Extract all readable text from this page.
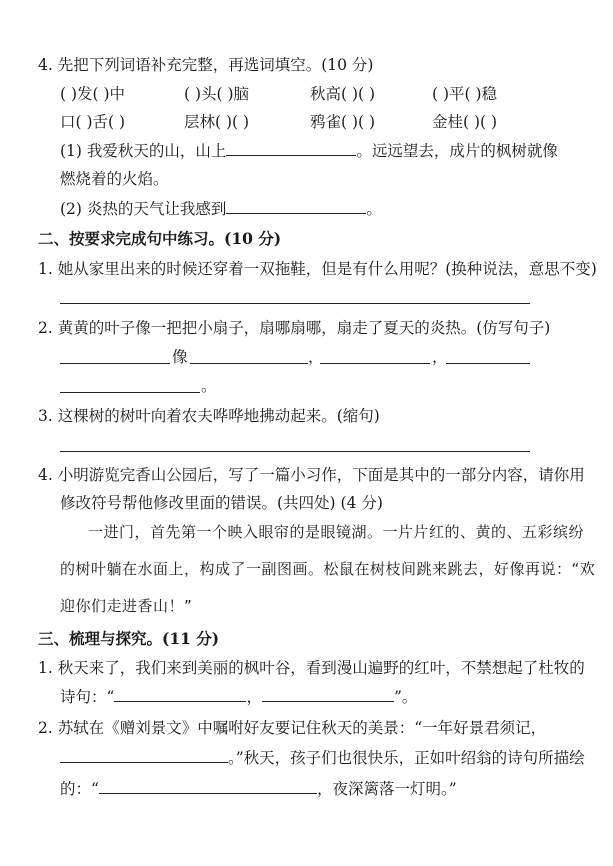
4. 先把下列词语补充完整，再选词填空。(10 分)
( )发( )中	( )头( )脑	秋高( )( )	( )平( )稳
口( )舌( )	层林( )( )	鸦雀( )( )	金桂( )( )
(1) 我爱秋天的山，山上	。远远望去，成片的枫树就像
燃烧着的火焰。
(2) 炎热的天气让我感到	。
二、按要求完成句中练习。(10 分)
1. 她从家里出来的时候还穿着一双拖鞋，但是有什么用呢？(换种说法，意思不变)
2. 黄黄的叶子像一把把小扇子，扇哪扇哪，扇走了夏天的炎热。(仿写句子)
像	，	，
。
3. 这棵树的树叶向着农夫哗哗地拂动起来。(缩句)
4. 小明游览完香山公园后，写了一篇小习作，下面是其中的一部分内容，请你用
修改符号帮他修改里面的错误。(共四处) (4 分)
一进门，首先第一个映入眼帘的是眼镜湖。一片片红的、黄的、五彩缤纷
的树叶躺在水面上，构成了一副图画。松鼠在树枝间跳来跳去，好像再说：“欢
迎你们走进香山！”
三、梳理与探究。(11 分)
1. 秋天来了，我们来到美丽的枫叶谷，看到漫山遍野的红叶，不禁想起了杜牧的
诗句：“	，	”。
2. 苏轼在《赠刘景文》中嘱咐好友要记住秋天的美景：“一年好景君须记，
。”秋天，孩子们也很快乐，正如叶绍翁的诗句所描绘
的：“	，夜深篱落一灯明。”
